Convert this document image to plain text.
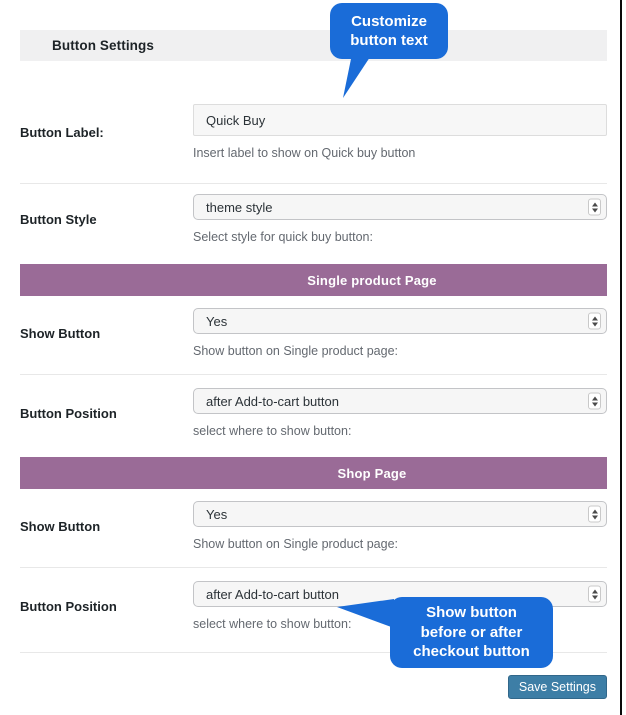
Button Settings
Button Label:
Quick Buy

Insert label to show on Quick buy button

Button Style
theme style

Select style for quick buy button:

Single product Page
Show Button
Yes

Show button on Single product page:

Button Position
after Add-to-cart button

select where to show button:

Shop Page
Show Button
Yes

Show button on Single product page:

Button Position
after Add-to-cart button

select where to show button:

Save Settings
Customize button text
Show button before or after checkout button
